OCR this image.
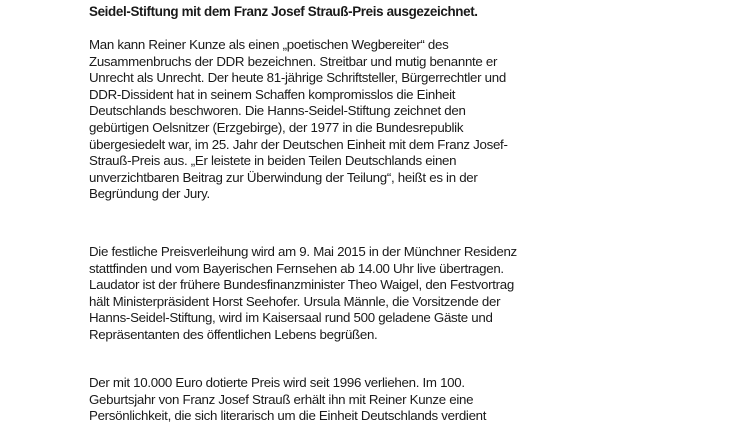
Seidel-Stiftung mit dem Franz Josef Strauß-Preis ausgezeichnet.

Man kann Reiner Kunze als einen „poetischen Wegbereiter“ des
Zusammenbruchs der DDR bezeichnen. Streitbar und mutig benannte er
Unrecht als Unrecht. Der heute 81-jährige Schriftsteller, Bürgerrechtler und
DDR-Dissident hat in seinem Schaffen kompromisslos die Einheit
Deutschlands beschworen. Die Hanns-Seidel-Stiftung zeichnet den
gebürtigen Oelsnitzer (Erzgebirge), der 1977 in die Bundesrepublik
übergesiedelt war, im 25. Jahr der Deutschen Einheit mit dem Franz Josef-
Strauß-Preis aus. „Er leistete in beiden Teilen Deutschlands einen
unverzichtbaren Beitrag zur Überwindung der Teilung“, heißt es in der
Begründung der Jury.

Die festliche Preisverleihung wird am 9. Mai 2015 in der Münchner Residenz
stattfinden und vom Bayerischen Fernsehen ab 14.00 Uhr live übertragen.
Laudator ist der frühere Bundesfinanzminister Theo Waigel, den Festvortrag
hält Ministerpräsident Horst Seehofer. Ursula Männle, die Vorsitzende der
Hanns-Seidel-Stiftung, wird im Kaisersaal rund 500 geladene Gäste und
Repräsentanten des öffentlichen Lebens begrüßen.

Der mit 10.000 Euro dotierte Preis wird seit 1996 verliehen. Im 100.
Geburtsjahr von Franz Josef Strauß erhält ihn mit Reiner Kunze eine
Persönlichkeit, die sich literarisch um die Einheit Deutschlands verdient
